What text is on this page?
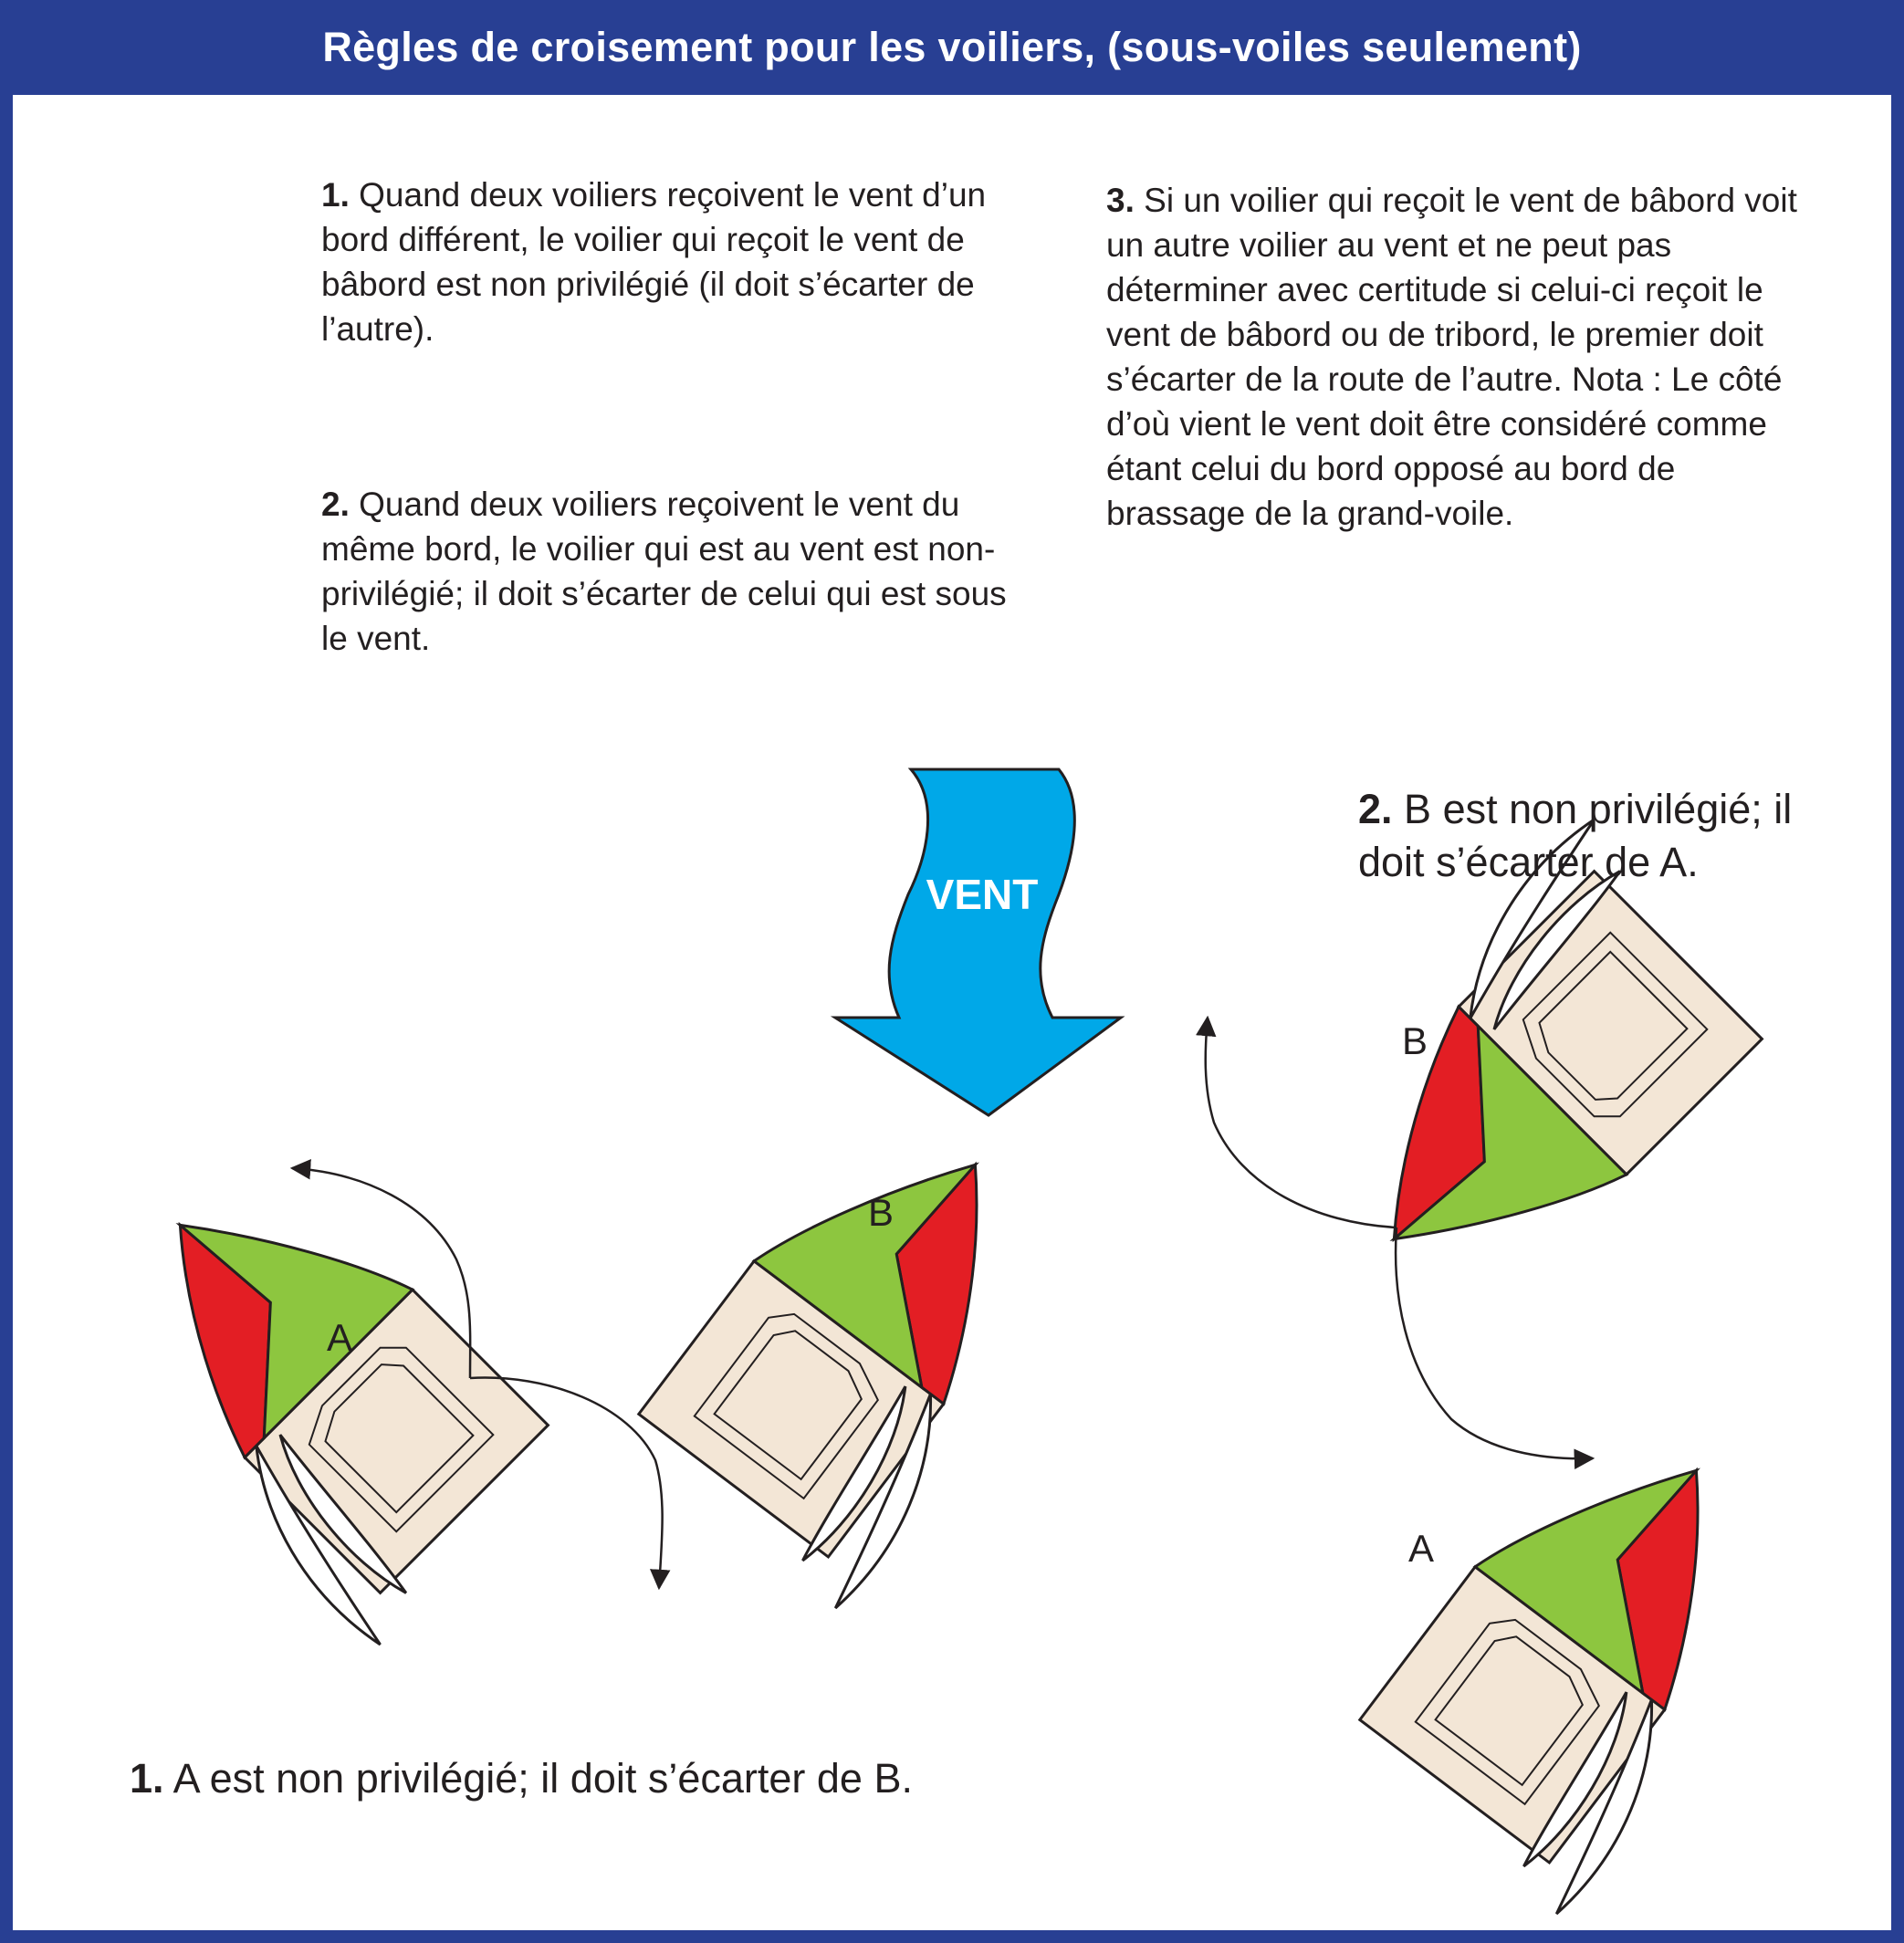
Règles de croisement pour les voiliers, (sous-voiles seulement)

1. Quand deux voiliers reçoivent le vent d’un bord différent, le voilier qui reçoit le vent de bâbord est non privilégié (il doit s’écarter de l’autre).

2. Quand deux voiliers reçoivent le vent du même bord, le voilier qui est au vent est non-privilégié; il doit s’écarter de celui qui est sous le vent.

3. Si un voilier qui reçoit le vent de bâbord voit un autre voilier au vent et ne peut pas déterminer avec certitude si celui-ci reçoit le vent de bâbord ou de tribord, le premier doit s’écarter de la route de l’autre. Nota : Le côté d’où vient le vent doit être considéré comme étant celui du bord opposé au bord de brassage de la grand-voile.

VENT
A
B
B
A

1. A est non privilégié; il doit s’écarter de B.

2. B est non privilégié; il doit s’écarter de A.
